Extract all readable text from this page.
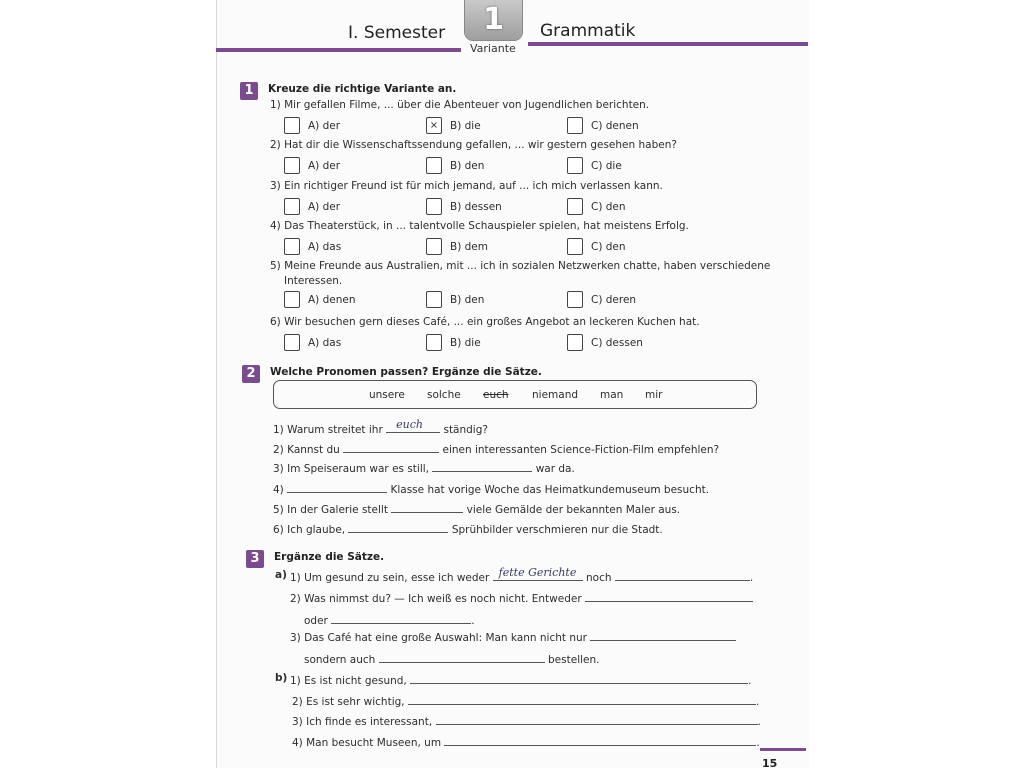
I. Semester	1
Variante
Grammatik
1	Kreuze die richtige Variante an.
1) Mir gefallen Filme, ... über die Abenteuer von Jugendlichen berichten.
A) der	×	B) die	C) denen
2) Hat dir die Wissenschaftssendung gefallen, ... wir gestern gesehen haben?
A) der	B) den	C) die
3) Ein richtiger Freund ist für mich jemand, auf ... ich mich verlassen kann.
A) der	B) dessen	C) den
4) Das Theaterstück, in ... talentvolle Schauspieler spielen, hat meistens Erfolg.
A) das	B) dem	C) den
5) Meine Freunde aus Australien, mit ... ich in sozialen Netzwerken chatte, haben verschiedene
Interessen.
A) denen	B) den	C) deren
6) Wir besuchen gern dieses Café, ... ein großes Angebot an leckeren Kuchen hat.
A) das	B) die	C) dessen
2	Welche Pronomen passen? Ergänze die Sätze.
unsere solche euch niemand man mir
1) Warum streitet ihr euch ständig?
2) Kannst du	einen interessanten Science-Fiction-Film empfehlen?
3) Im Speiseraum war es still,	war da.
4)	Klasse hat vorige Woche das Heimatkundemuseum besucht.
5) In der Galerie stellt	viele Gemälde der bekannten Maler aus.
6) Ich glaube,	Sprühbilder verschmieren nur die Stadt.
3	Ergänze die Sätze.
a) 1) Um gesund zu sein, esse ich weder fette Gerichte noch	.
2) Was nimmst du? — Ich weiß es noch nicht. Entweder
oder	.
3) Das Café hat eine große Auswahl: Man kann nicht nur
sondern auch	bestellen.
b) 1) Es ist nicht gesund,	.
2) Es ist sehr wichtig,	.
3) Ich finde es interessant,	.
4) Man besucht Museen, um	.
15
